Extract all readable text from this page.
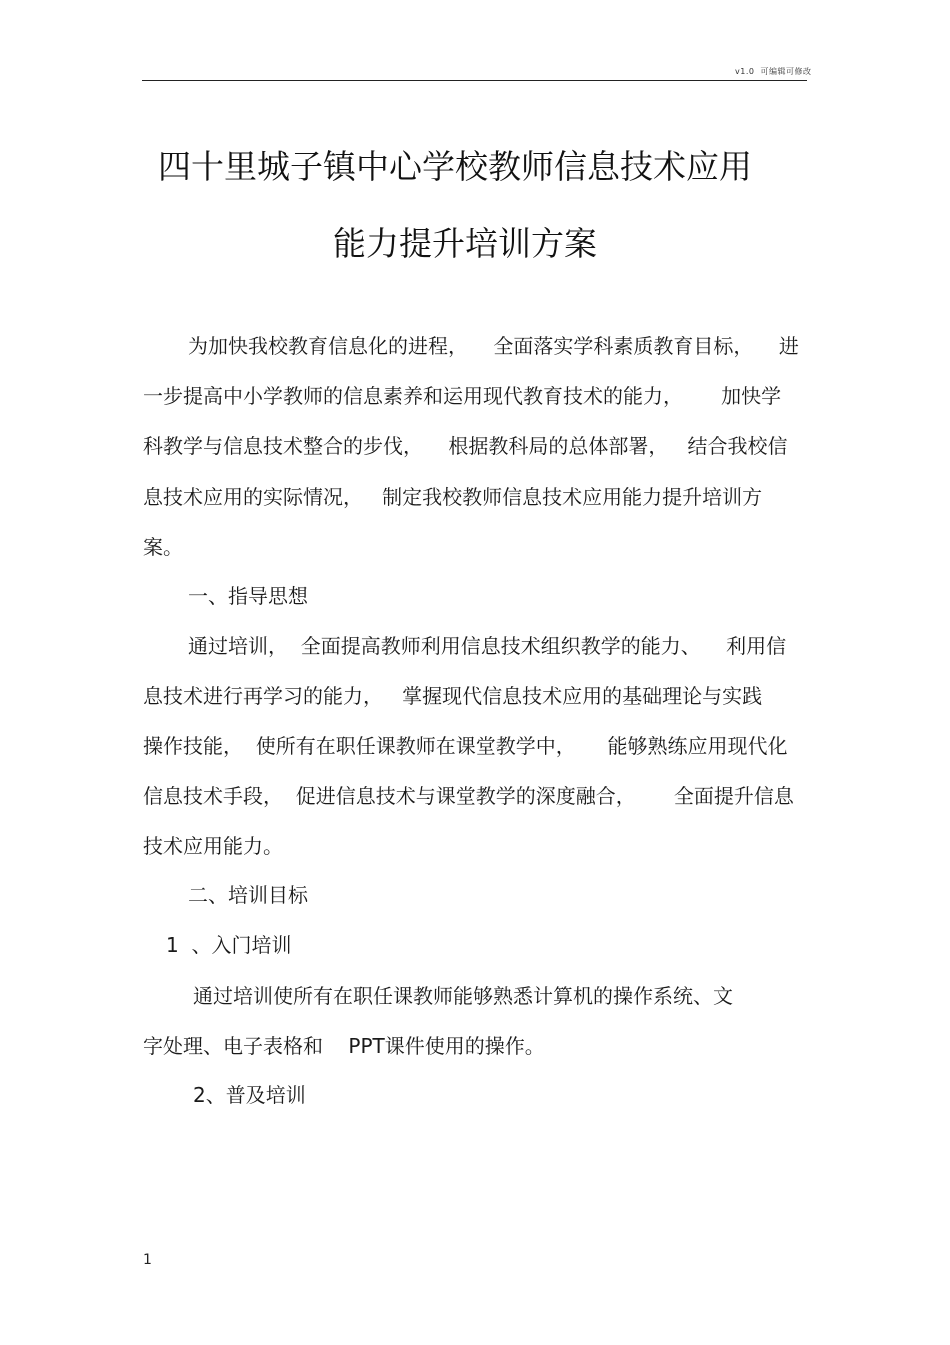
v1.0  可编辑可修改
四十里城子镇中心学校教师信息技术应用
能力提升培训方案
为加快我校教育信息化的进程，    全面落实学科素质教育目标，    进
一步提高中小学教师的信息素养和运用现代教育技术的能力，      加快学
科教学与信息技术整合的步伐，    根据教科局的总体部署，   结合我校信
息技术应用的实际情况，   制定我校教师信息技术应用能力提升培训方
案。
一、指导思想
通过培训，  全面提高教师利用信息技术组织教学的能力、    利用信
息技术进行再学习的能力，   掌握现代信息技术应用的基础理论与实践
操作技能，  使所有在职任课教师在课堂教学中，     能够熟练应用现代化
信息技术手段，  促进信息技术与课堂教学的深度融合，      全面提升信息
技术应用能力。
二、培训目标
1  、入门培训
通过培训使所有在职任课教师能够熟悉计算机的操作系统、文
字处理、电子表格和    PPT课件使用的操作。
2、普及培训
1
